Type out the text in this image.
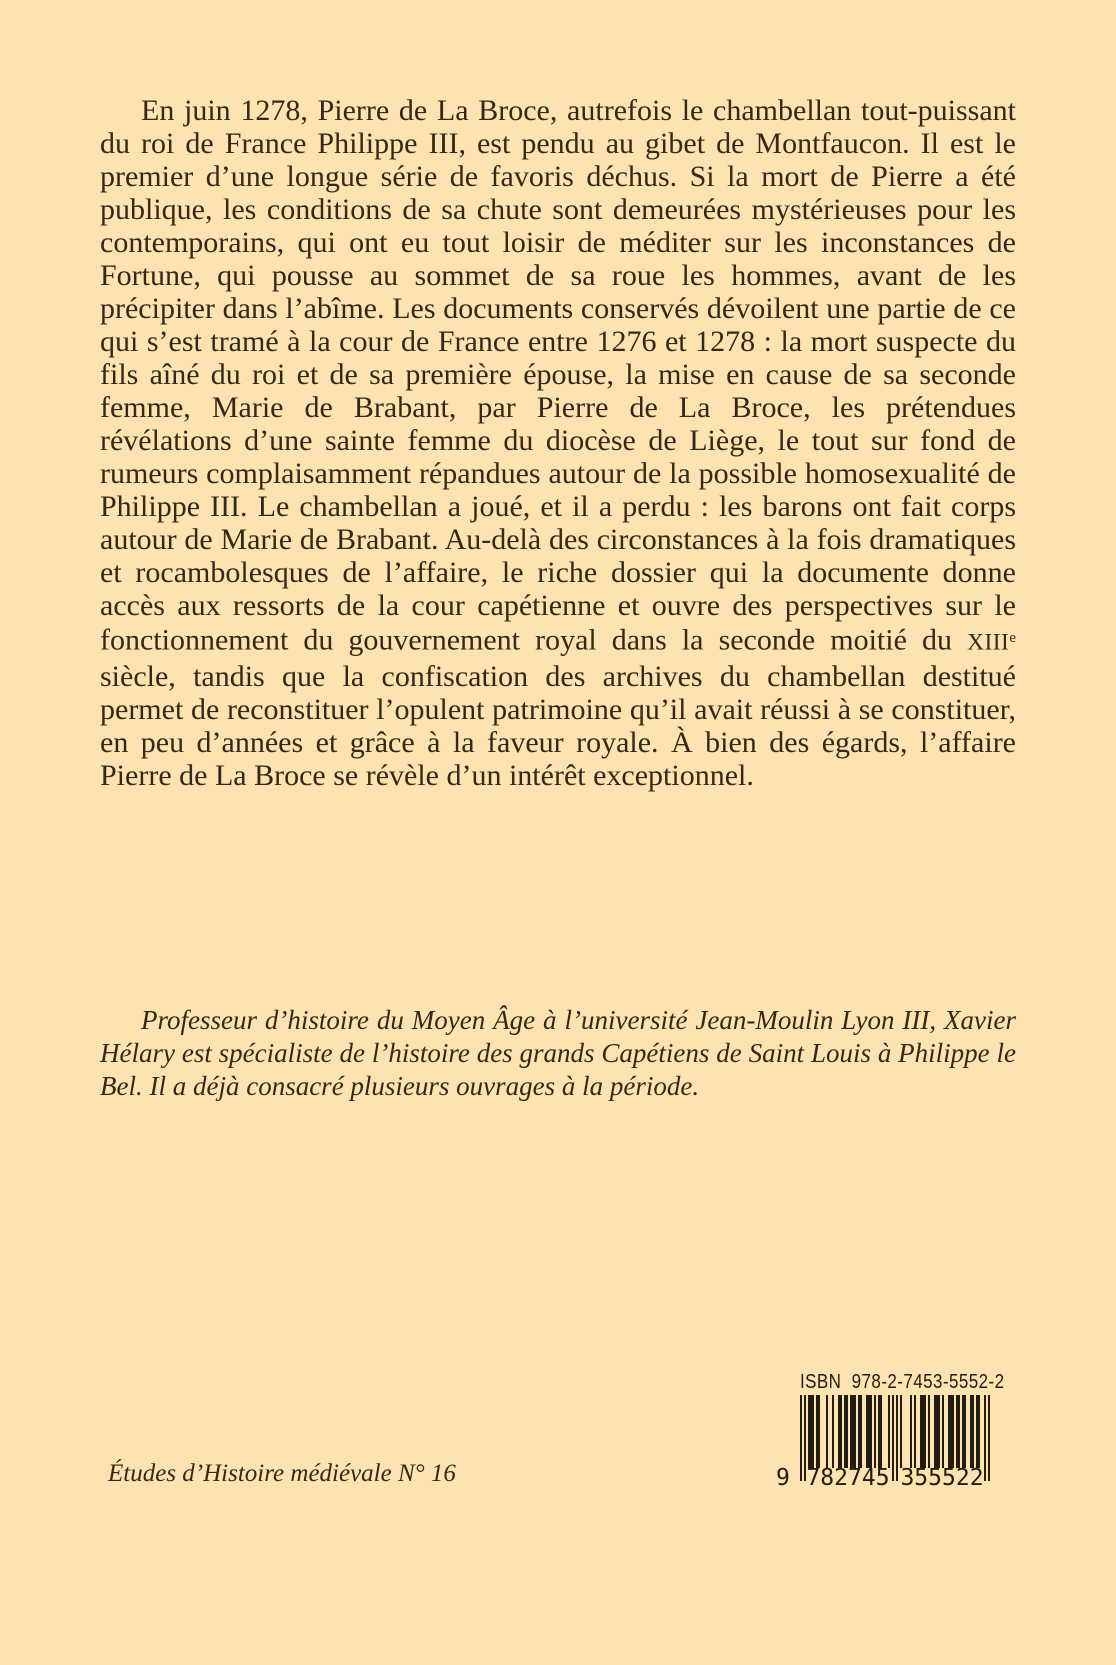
En juin 1278, Pierre de La Broce, autrefois le chambellan tout-puissant du roi de France Philippe III, est pendu au gibet de Montfaucon. Il est le premier d’une longue série de favoris déchus. Si la mort de Pierre a été publique, les conditions de sa chute sont demeurées mystérieuses pour les contemporains, qui ont eu tout loisir de méditer sur les inconstances de Fortune, qui pousse au sommet de sa roue les hommes, avant de les précipiter dans l’abîme. Les documents conservés dévoilent une partie de ce qui s’est tramé à la cour de France entre 1276 et 1278 : la mort suspecte du fils aîné du roi et de sa première épouse, la mise en cause de sa seconde femme, Marie de Brabant, par Pierre de La Broce, les prétendues révélations d’une sainte femme du diocèse de Liège, le tout sur fond de rumeurs complaisamment répandues autour de la possible homosexualité de Philippe III. Le chambellan a joué, et il a perdu : les barons ont fait corps autour de Marie de Brabant. Au-delà des circonstances à la fois dramatiques et rocambolesques de l’affaire, le riche dossier qui la documente donne accès aux ressorts de la cour capétienne et ouvre des perspectives sur le fonctionnement du gouvernement royal dans la seconde moitié du XIIIe siècle, tandis que la confiscation des archives du chambellan destitué permet de reconstituer l’opulent patrimoine qu’il avait réussi à se constituer, en peu d’années et grâce à la faveur royale. À bien des égards, l’affaire Pierre de La Broce se révèle d’un intérêt exceptionnel.

Professeur d’histoire du Moyen Âge à l’université Jean-Moulin Lyon III, Xavier Hélary est spécialiste de l’histoire des grands Capétiens de Saint Louis à Philippe le Bel. Il a déjà consacré plusieurs ouvrages à la période.

Études d’Histoire médiévale N° 16
ISBN  978-2-7453-5552-2
9 782745 355522
